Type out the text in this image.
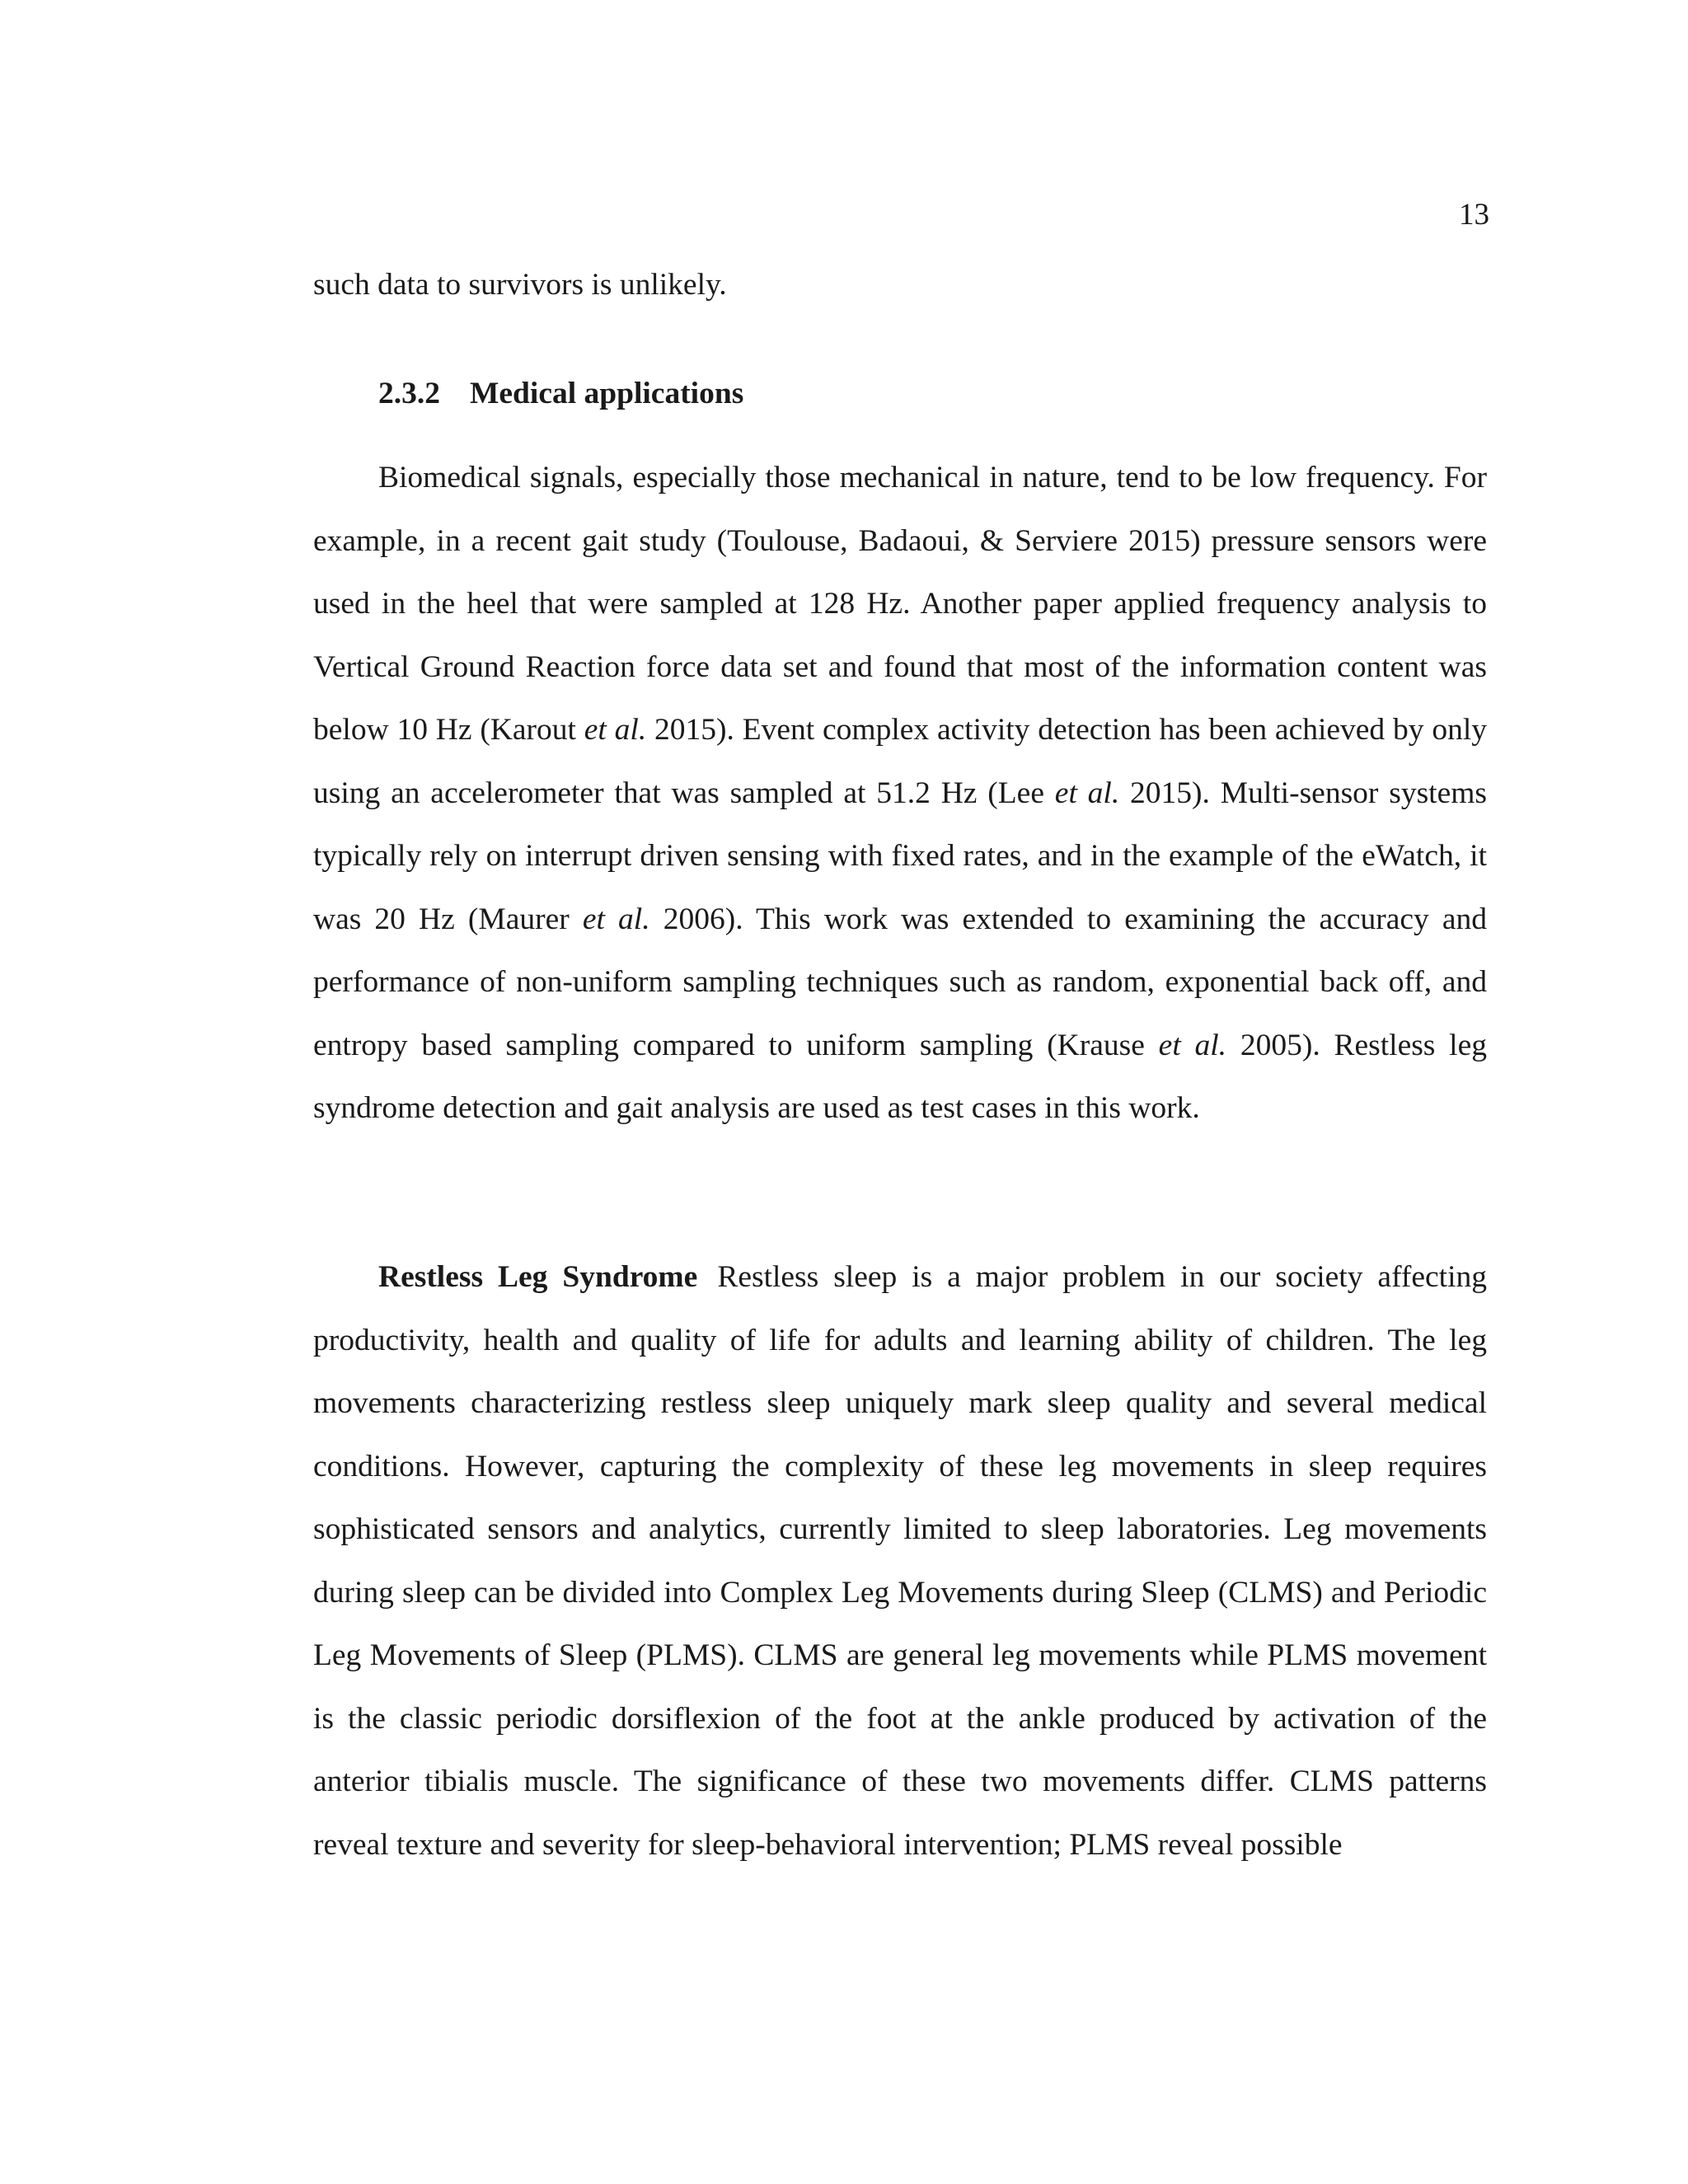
13

such data to survivors is unlikely.

2.3.2 Medical applications

Biomedical signals, especially those mechanical in nature, tend to be low frequency. For example, in a recent gait study (Toulouse, Badaoui, & Serviere 2015) pressure sensors were used in the heel that were sampled at 128 Hz. Another paper applied frequency analysis to Vertical Ground Reaction force data set and found that most of the information content was below 10 Hz (Karout et al. 2015). Event complex activity detection has been achieved by only using an accelerometer that was sampled at 51.2 Hz (Lee et al. 2015). Multi-sensor systems typically rely on interrupt driven sensing with fixed rates, and in the example of the eWatch, it was 20 Hz (Maurer et al. 2006). This work was extended to examining the accuracy and performance of non-uniform sampling techniques such as random, exponential back off, and entropy based sampling compared to uniform sampling (Krause et al. 2005). Restless leg syndrome detection and gait analysis are used as test cases in this work.

Restless Leg Syndrome Restless sleep is a major problem in our society affecting productivity, health and quality of life for adults and learning ability of children. The leg movements characterizing restless sleep uniquely mark sleep quality and several medical conditions. However, capturing the complexity of these leg movements in sleep requires sophisticated sensors and analytics, currently limited to sleep laboratories. Leg movements during sleep can be divided into Complex Leg Movements during Sleep (CLMS) and Periodic Leg Movements of Sleep (PLMS). CLMS are general leg movements while PLMS movement is the classic periodic dorsiflexion of the foot at the ankle produced by activation of the anterior tibialis muscle. The significance of these two movements differ. CLMS patterns reveal texture and severity for sleep-behavioral intervention; PLMS reveal possible
